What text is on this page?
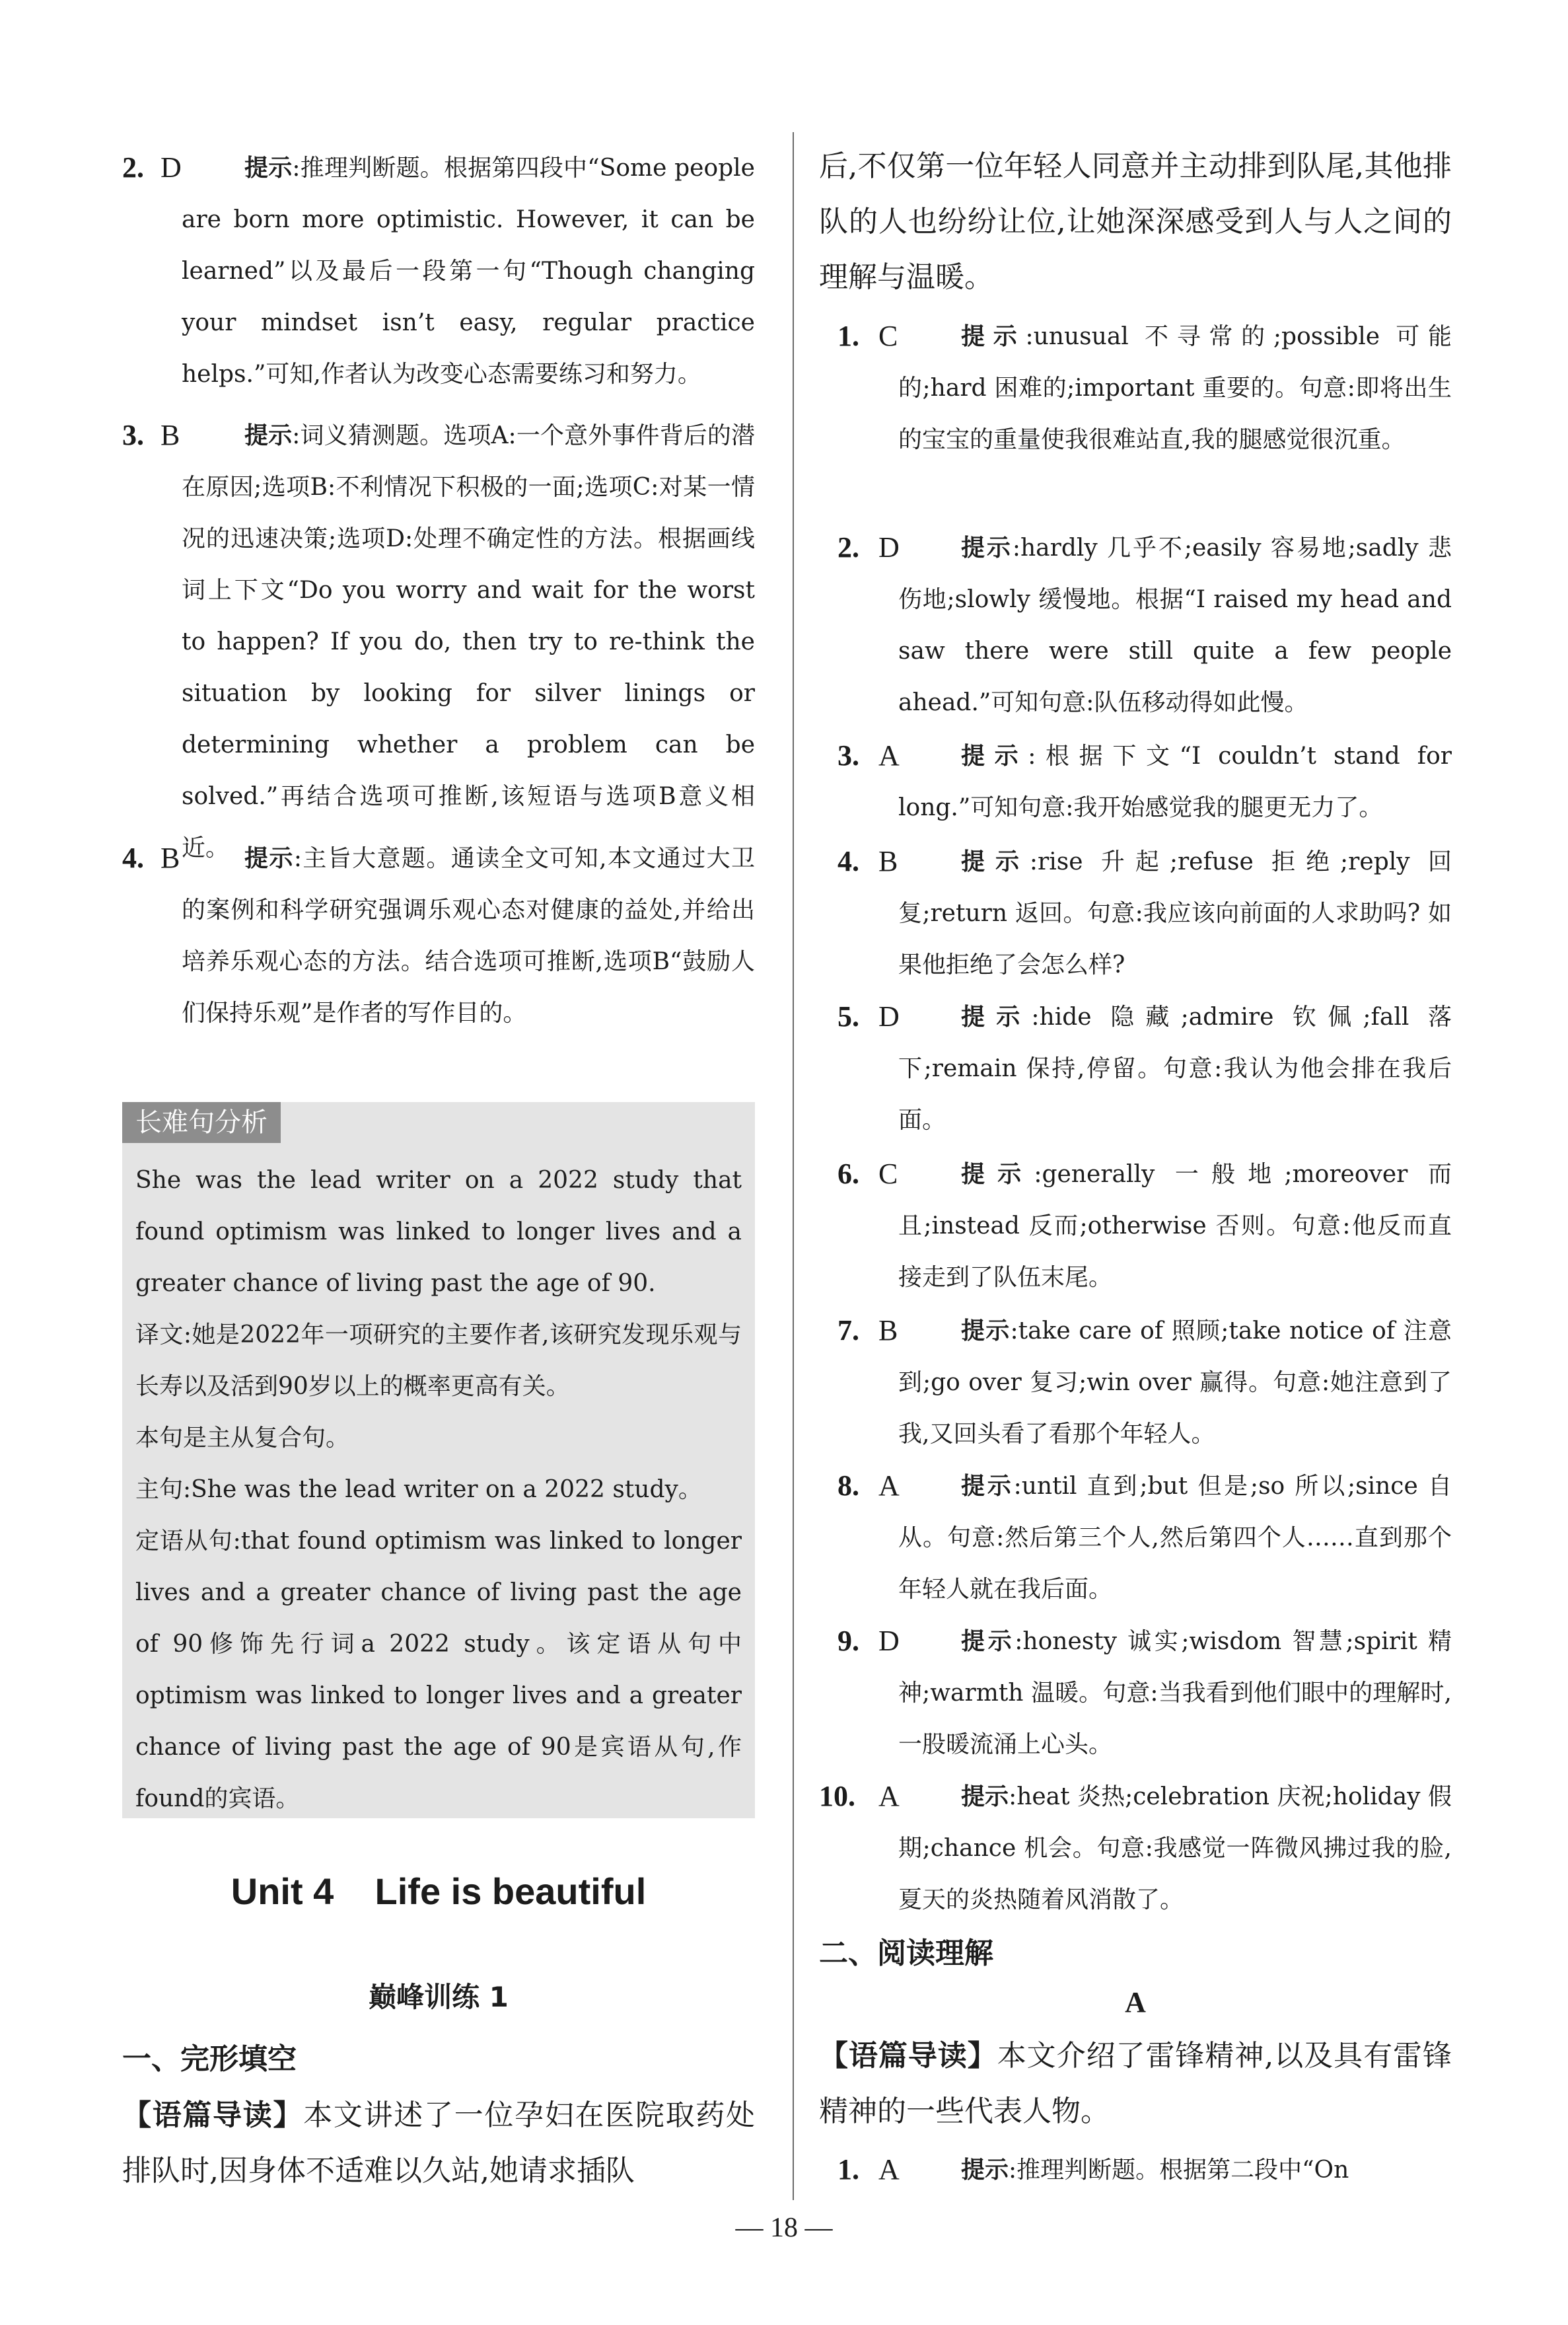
2. D	提示:推理判断题。根据第四段中“Some people are born more optimistic. However, it can be learned”以及最后一段第一句“Though changing your mindset isn’t easy, regular practice helps.”可知,作者认为改变心态需要练习和努力。
3. B	提示:词义猜测题。选项A:一个意外事件背后的潜在原因;选项B:不利情况下积极的一面;选项C:对某一情况的迅速决策;选项D:处理不确定性的方法。根据画线词上下文“Do you worry and wait for the worst to happen? If you do, then try to re-think the situation by looking for silver linings or determining whether a problem can be solved.”再结合选项可推断,该短语与选项B意义相近。
4. B	提示:主旨大意题。通读全文可知,本文通过大卫的案例和科学研究强调乐观心态对健康的益处,并给出培养乐观心态的方法。结合选项可推断,选项B“鼓励人们保持乐观”是作者的写作目的。
长难句分析

She was the lead writer on a 2022 study that found optimism was linked to longer lives and a greater chance of living past the age of 90.

译文:她是2022年一项研究的主要作者,该研究发现乐观与长寿以及活到90岁以上的概率更高有关。

本句是主从复合句。

主句:She was the lead writer on a 2022 study。

定语从句:that found optimism was linked to longer lives and a greater chance of living past the age of 90修饰先行词a 2022 study。该定语从句中optimism was linked to longer lives and a greater chance of living past the age of 90是宾语从句,作found的宾语。

Unit 4    Life is beautiful
巅峰训练 1
一、完形填空
【语篇导读】本文讲述了一位孕妇在医院取药处排队时,因身体不适难以久站,她请求插队
后,不仅第一位年轻人同意并主动排到队尾,其他排队的人也纷纷让位,让她深深感受到人与人之间的理解与温暖。
1. C	提示:unusual 不寻常的;possible 可能的;hard 困难的;important 重要的。句意:即将出生的宝宝的重量使我很难站直,我的腿感觉很沉重。
2. D	提示:hardly 几乎不;easily 容易地;sadly 悲伤地;slowly 缓慢地。根据“I raised my head and saw there were still quite a few people ahead.”可知句意:队伍移动得如此慢。
3. A	提示:根据下文“I couldn’t stand for long.”可知句意:我开始感觉我的腿更无力了。
4. B	提示:rise 升起;refuse 拒绝;reply 回复;return 返回。句意:我应该向前面的人求助吗? 如果他拒绝了会怎么样?
5. D	提示:hide 隐藏;admire 钦佩;fall 落下;remain 保持,停留。句意:我认为他会排在我后面。
6. C	提示:generally 一般地;moreover 而且;instead 反而;otherwise 否则。句意:他反而直接走到了队伍末尾。
7. B	提示:take care of 照顾;take notice of 注意到;go over 复习;win over 赢得。句意:她注意到了我,又回头看了看那个年轻人。
8. A	提示:until 直到;but 但是;so 所以;since 自从。句意:然后第三个人,然后第四个人……直到那个年轻人就在我后面。
9. D	提示:honesty 诚实;wisdom 智慧;spirit 精神;warmth 温暖。句意:当我看到他们眼中的理解时,一股暖流涌上心头。
10. A	提示:heat 炎热;celebration 庆祝;holiday 假期;chance 机会。句意:我感觉一阵微风拂过我的脸,夏天的炎热随着风消散了。
二、阅读理解
A
【语篇导读】本文介绍了雷锋精神,以及具有雷锋精神的一些代表人物。
1. A	提示:推理判断题。根据第二段中“On
— 18 —
